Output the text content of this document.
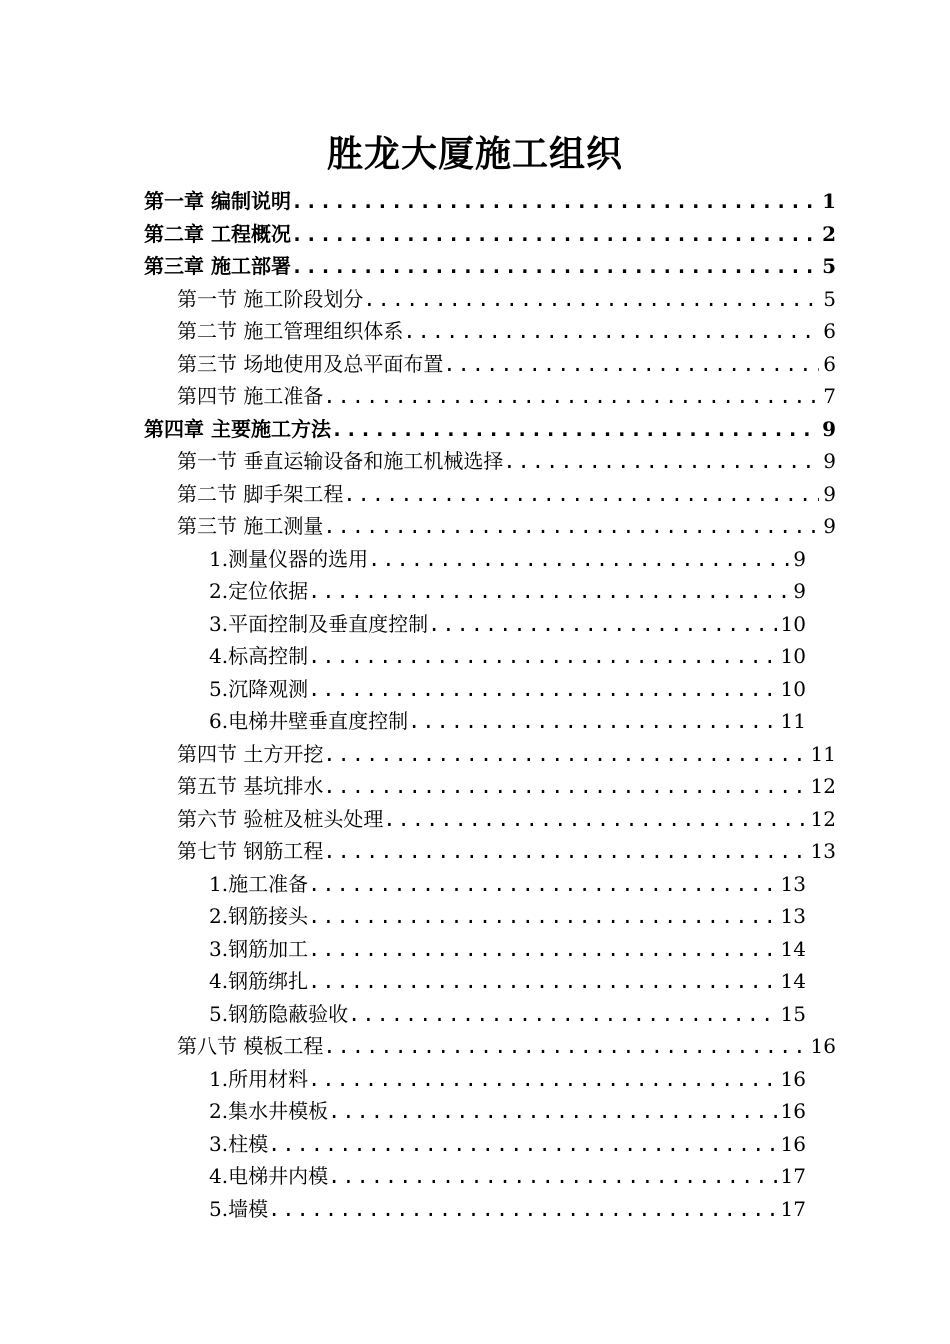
胜龙大厦施工组织
第一章 编制说明 .....	1
第二章 工程概况 .....	2
第三章 施工部署 .....	5
第一节 施工阶段划分 .....	5
第二节 施工管理组织体系 .....	6
第三节 场地使用及总平面布置 .....	6
第四节 施工准备 .....	7
第四章 主要施工方法 .....	9
第一节 垂直运输设备和施工机械选择 .....	9
第二节 脚手架工程 .....	9
第三节 施工测量 .....	9
1. 测量仪器的选用 .....	9
2. 定位依据 .....	9
3. 平面控制及垂直度控制 .....	10
4. 标高控制 .....	10
5. 沉降观测 .....	10
6. 电梯井壁垂直度控制 .....	11
第四节 土方开挖 .....	11
第五节 基坑排水 .....	12
第六节 验桩及桩头处理 .....	12
第七节 钢筋工程 .....	13
1. 施工准备 .....	13
2. 钢筋接头 .....	13
3. 钢筋加工 .....	14
4. 钢筋绑扎 .....	14
5. 钢筋隐蔽验收 .....	15
第八节 模板工程 .....	16
1. 所用材料 .....	16
2. 集水井模板 .....	16
3. 柱模 .....	16
4. 电梯井内模 .....	17
5. 墙模 .....	17
